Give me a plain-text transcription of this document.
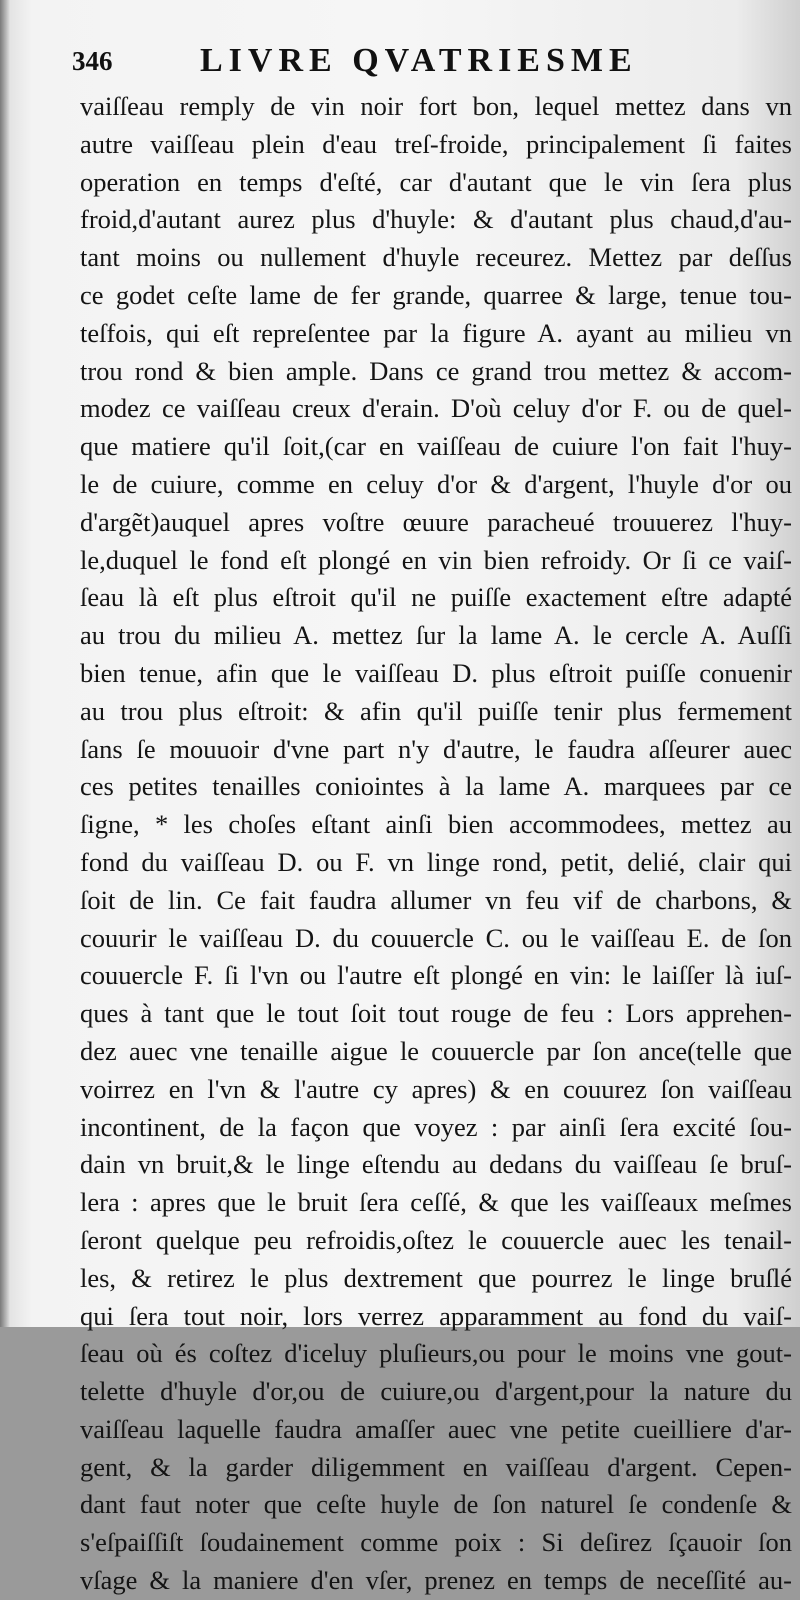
346	LIVRE QVATRIESME
vaiſſeau remply de vin noir fort bon, lequel mettez dans vn
autre vaiſſeau plein d'eau treſ-froide, principalement ſi faites
operation en temps d'eſté, car d'autant que le vin ſera plus
froid,d'autant aurez plus d'huyle: & d'autant plus chaud,d'au-
tant moins ou nullement d'huyle receurez. Mettez par deſſus
ce godet ceſte lame de fer grande, quarree & large, tenue tou-
teſfois, qui eſt repreſentee par la figure A. ayant au milieu vn
trou rond & bien ample. Dans ce grand trou mettez & accom-
modez ce vaiſſeau creux d'erain. D'où celuy d'or F. ou de quel-
que matiere qu'il ſoit,(car en vaiſſeau de cuiure l'on fait l'huy-
le de cuiure, comme en celuy d'or & d'argent, l'huyle d'or ou
d'argẽt)auquel apres voſtre œuure paracheué trouuerez l'huy-
le,duquel le fond eſt plongé en vin bien refroidy. Or ſi ce vaiſ-
ſeau là eſt plus eſtroit qu'il ne puiſſe exactement eſtre adapté
au trou du milieu A. mettez ſur la lame A. le cercle A. Auſſi
bien tenue, afin que le vaiſſeau D. plus eſtroit puiſſe conuenir
au trou plus eſtroit: & afin qu'il puiſſe tenir plus fermement
ſans ſe mouuoir d'vne part n'y d'autre, le faudra aſſeurer auec
ces petites tenailles coniointes à la lame A. marquees par ce
ſigne, * les choſes eſtant ainſi bien accommodees, mettez au
fond du vaiſſeau D. ou F. vn linge rond, petit, delié, clair qui
ſoit de lin. Ce fait faudra allumer vn feu vif de charbons, &
couurir le vaiſſeau D. du couuercle C. ou le vaiſſeau E. de ſon
couuercle F. ſi l'vn ou l'autre eſt plongé en vin: le laiſſer là iuſ-
ques à tant que le tout ſoit tout rouge de feu : Lors apprehen-
dez auec vne tenaille aigue le couuercle par ſon ance(telle que
voirrez en l'vn & l'autre cy apres) & en couurez ſon vaiſſeau
incontinent, de la façon que voyez : par ainſi ſera excité ſou-
dain vn bruit,& le linge eſtendu au dedans du vaiſſeau ſe bruſ-
lera : apres que le bruit ſera ceſſé, & que les vaiſſeaux meſmes
ſeront quelque peu refroidis,oſtez le couuercle auec les tenail-
les, & retirez le plus dextrement que pourrez le linge bruſlé
qui ſera tout noir, lors verrez apparamment au fond du vaiſ-
ſeau où és coſtez d'iceluy pluſieurs,ou pour le moins vne gout-
telette d'huyle d'or,ou de cuiure,ou d'argent,pour la nature du
vaiſſeau laquelle faudra amaſſer auec vne petite cueilliere d'ar-
gent, & la garder diligemment en vaiſſeau d'argent. Cepen-
dant faut noter que ceſte huyle de ſon naturel ſe condenſe &
s'eſpaiſſiſt ſoudainement comme poix : Si deſirez ſçauoir ſon
vſage & la maniere d'en vſer, prenez en temps de neceſſité au-
